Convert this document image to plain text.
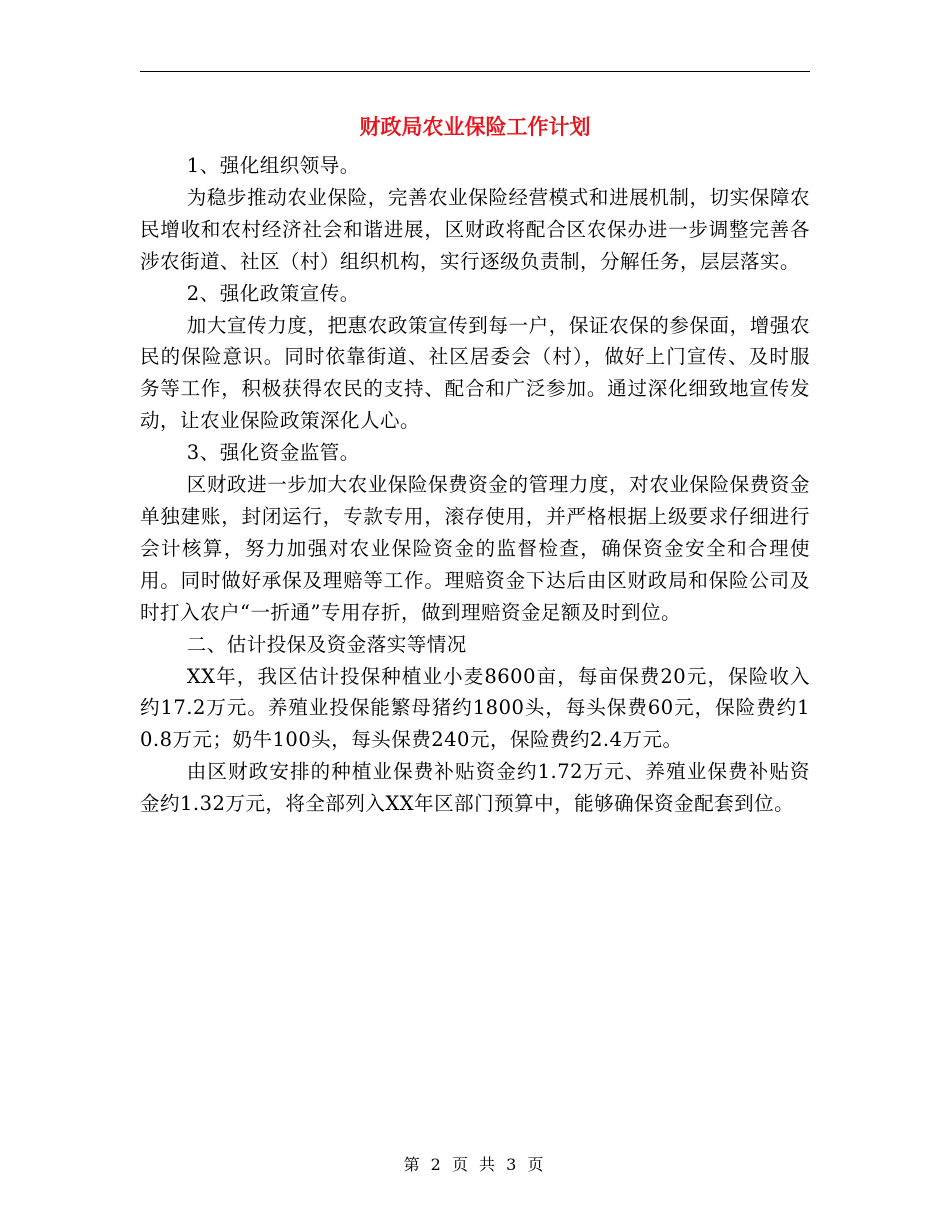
财政局农业保险工作计划

1、强化组织领导。

为稳步推动农业保险，完善农业保险经营模式和进展机制，切实保障农民增收和农村经济社会和谐进展，区财政将配合区农保办进一步调整完善各涉农街道、社区（村）组织机构，实行逐级负责制，分解任务，层层落实。

2、强化政策宣传。

加大宣传力度，把惠农政策宣传到每一户，保证农保的参保面，增强农民的保险意识。同时依靠街道、社区居委会（村），做好上门宣传、及时服务等工作，积极获得农民的支持、配合和广泛参加。通过深化细致地宣传发动，让农业保险政策深化人心。

3、强化资金监管。

区财政进一步加大农业保险保费资金的管理力度，对农业保险保费资金单独建账，封闭运行，专款专用，滚存使用，并严格根据上级要求仔细进行会计核算，努力加强对农业保险资金的监督检查，确保资金安全和合理使用。同时做好承保及理赔等工作。理赔资金下达后由区财政局和保险公司及时打入农户“一折通”专用存折，做到理赔资金足额及时到位。

二、估计投保及资金落实等情况

XX年，我区估计投保种植业小麦8600亩，每亩保费20元，保险收入约17.2万元。养殖业投保能繁母猪约1800头，每头保费60元，保险费约10.8万元；奶牛100头，每头保费240元，保险费约2.4万元。

由区财政安排的种植业保费补贴资金约1.72万元、养殖业保费补贴资金约1.32万元，将全部列入XX年区部门预算中，能够确保资金配套到位。

第 2 页 共 3 页
